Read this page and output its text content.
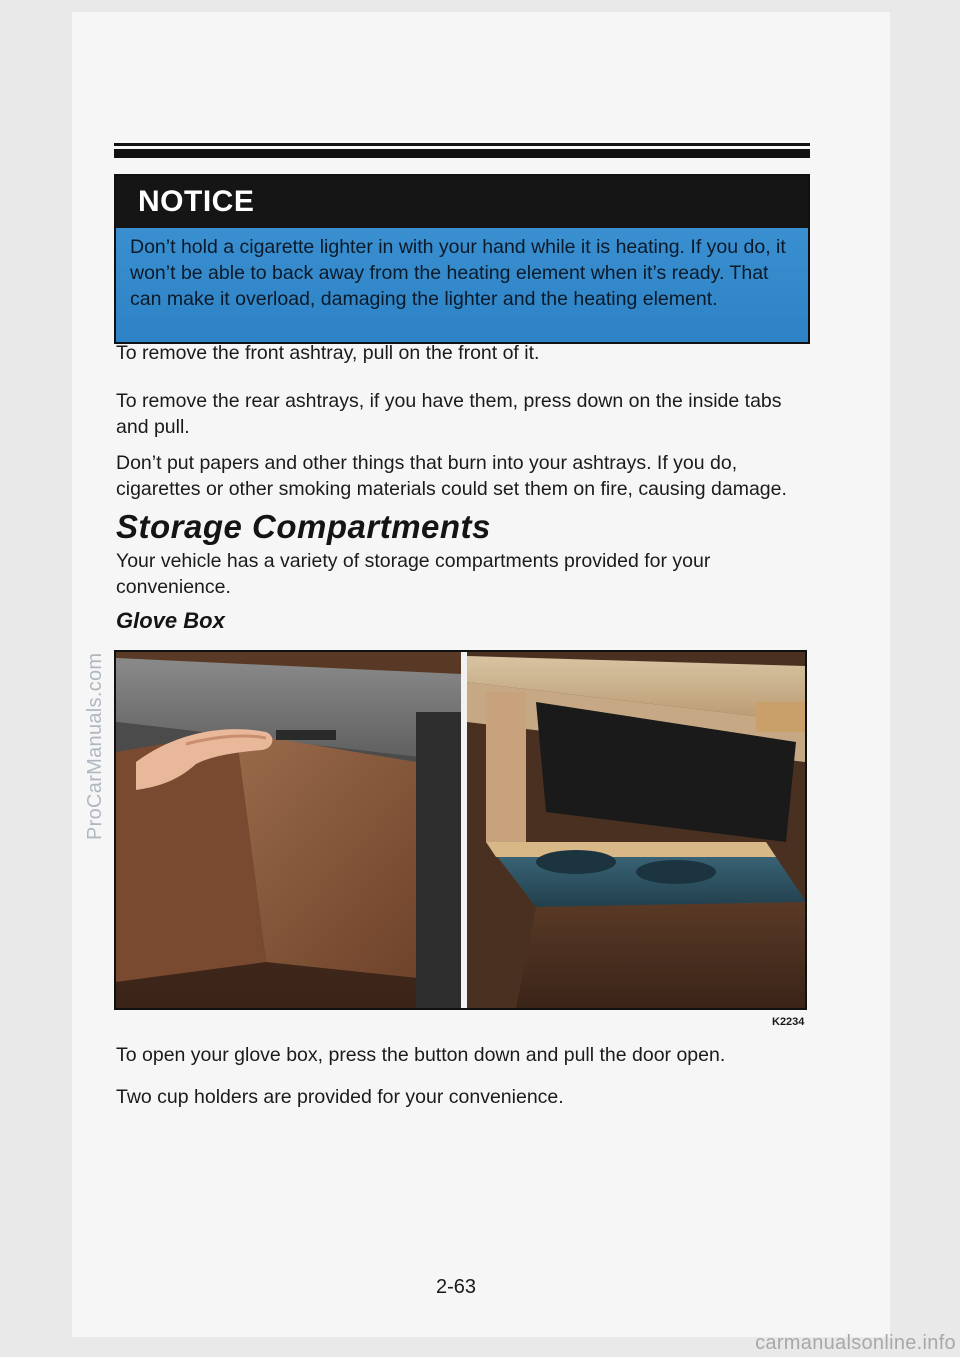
NOTICE
Don’t hold a cigarette lighter in with your hand while it is heating. If you do, it won’t be able to back away from the heating element when it’s ready. That can make it overload, damaging the lighter and the heating element.
To remove the front ashtray, pull on the front of it.
To remove the rear ashtrays, if you have them, press down on the inside tabs and pull.
Don’t put papers and other things that burn into your ashtrays. If you do, cigarettes or other smoking materials could set them on fire, causing damage.
Storage Compartments
Your vehicle has a variety of storage compartments provided for your convenience.
Glove Box
K2234
To open your glove box, press the button down and pull the door open.
Two cup holders are provided for your convenience.
2-63
ProCarManuals.com
carmanualsonline.info
